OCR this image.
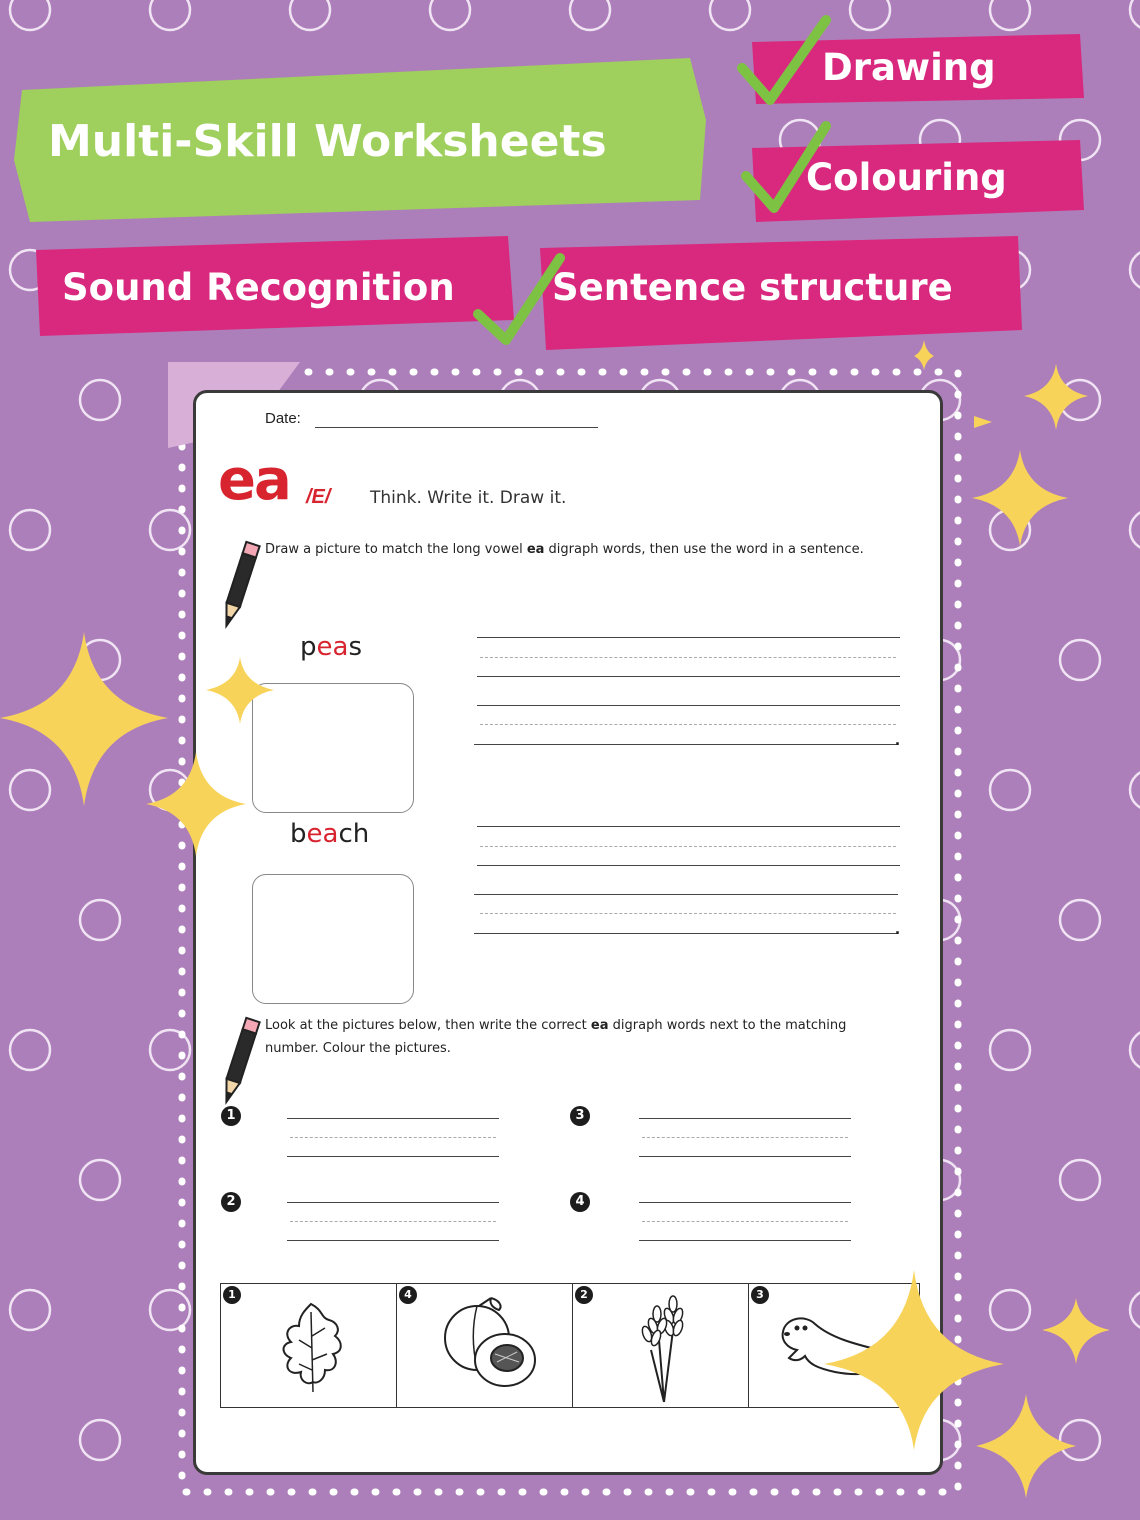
Multi-Skill Worksheets
Drawing
Colouring
Sound Recognition	Sentence structure
Date:
ea /E/ Think. Write it. Draw it.
Draw a picture to match the long vowel ea digraph words, then use the word in a sentence.
peas
.
beach
.
Look at the pictures below, then write the correct ea digraph words next to the matching number. Colour the pictures.
1
2
3
4
1	4	2	3
